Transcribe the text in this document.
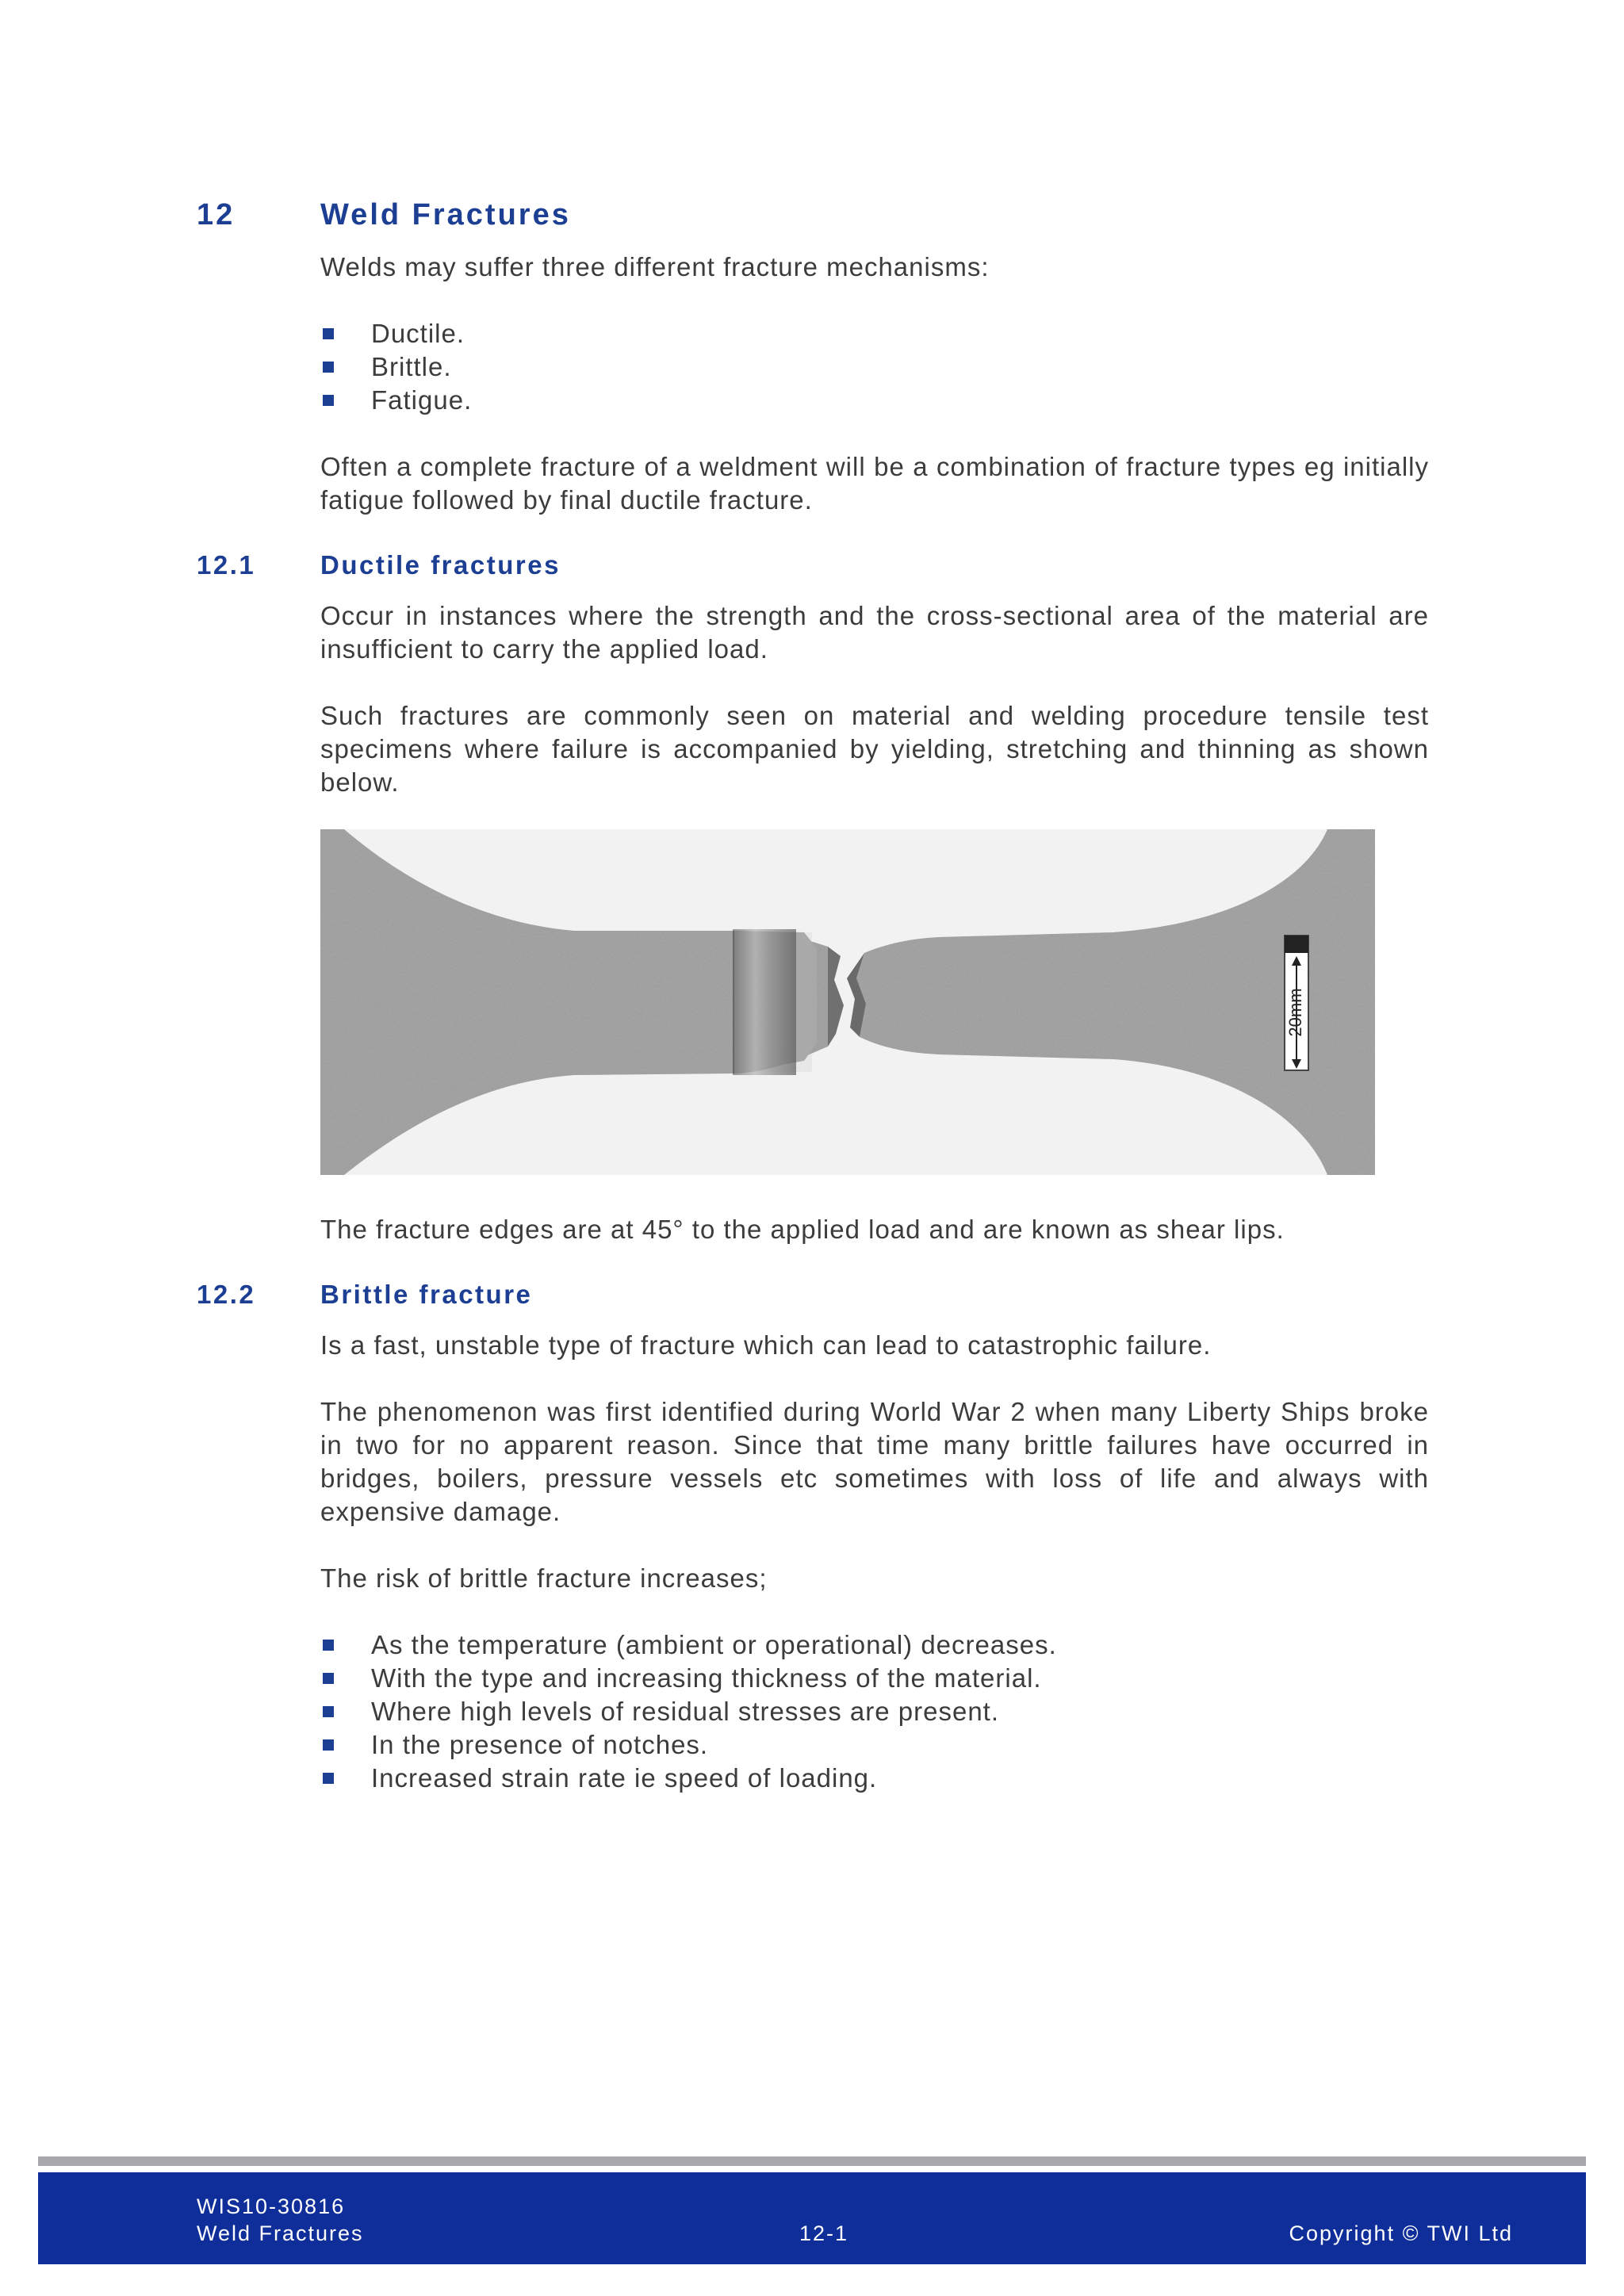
12	Weld Fractures

Welds may suffer three different fracture mechanisms:

Ductile.
Brittle.
Fatigue.

Often a complete fracture of a weldment will be a combination of fracture types eg initially fatigue followed by final ductile fracture.

12.1	Ductile fractures

Occur in instances where the strength and the cross-sectional area of the material are insufficient to carry the applied load.

Such fractures are commonly seen on material and welding procedure tensile test specimens where failure is accompanied by yielding, stretching and thinning as shown below.

20mm

The fracture edges are at 45° to the applied load and are known as shear lips.

12.2	Brittle fracture

Is a fast, unstable type of fracture which can lead to catastrophic failure.

The phenomenon was first identified during World War 2 when many Liberty Ships broke in two for no apparent reason. Since that time many brittle failures have occurred in bridges, boilers, pressure vessels etc sometimes with loss of life and always with expensive damage.

The risk of brittle fracture increases;

As the temperature (ambient or operational) decreases.
With the type and increasing thickness of the material.
Where high levels of residual stresses are present.
In the presence of notches.
Increased strain rate ie speed of loading.
WIS10-30816
Weld Fractures	12-1	Copyright © TWI Ltd
